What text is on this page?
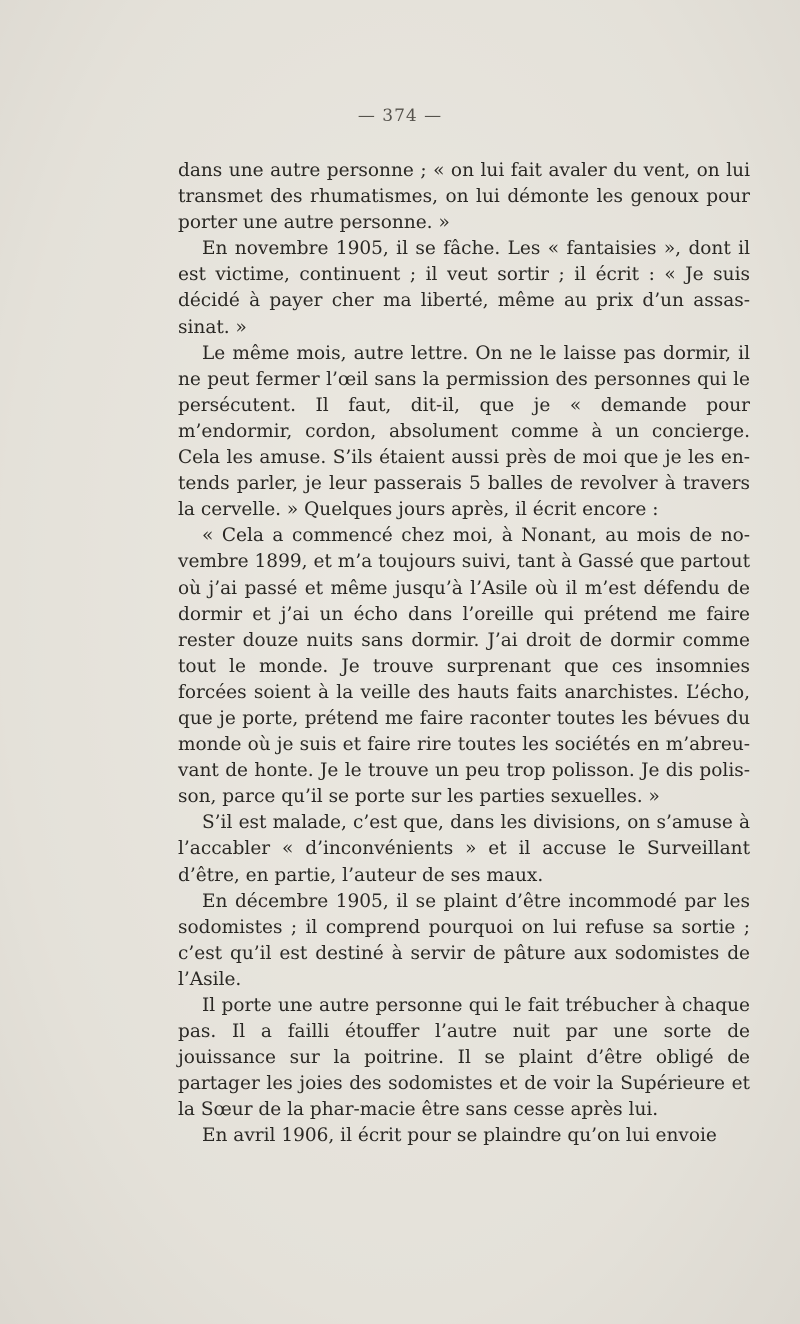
— 374 —

dans une autre personne ; « on lui fait avaler du vent, on lui transmet des rhumatismes, on lui démonte les genoux pour porter une autre personne. »

En novembre 1905, il se fâche. Les « fantaisies », dont il est victime, continuent ; il veut sortir ; il écrit : « Je suis décidé à payer cher ma liberté, même au prix d’un assas-sinat. »

Le même mois, autre lettre. On ne le laisse pas dormir, il ne peut fermer l’œil sans la permission des personnes qui le persécutent. Il faut, dit-il, que je « demande pour m’endormir, cordon, absolument comme à un concierge. Cela les amuse. S’ils étaient aussi près de moi que je les en-tends parler, je leur passerais 5 balles de revolver à travers la cervelle. » Quelques jours après, il écrit encore :

« Cela a commencé chez moi, à Nonant, au mois de no-vembre 1899, et m’a toujours suivi, tant à Gassé que partout où j’ai passé et même jusqu’à l’Asile où il m’est défendu de dormir et j’ai un écho dans l’oreille qui prétend me faire rester douze nuits sans dormir. J’ai droit de dormir comme tout le monde. Je trouve surprenant que ces insomnies forcées soient à la veille des hauts faits anarchistes. L’écho, que je porte, prétend me faire raconter toutes les bévues du monde où je suis et faire rire toutes les sociétés en m’abreu-vant de honte. Je le trouve un peu trop polisson. Je dis polis-son, parce qu’il se porte sur les parties sexuelles. »

S’il est malade, c’est que, dans les divisions, on s’amuse à l’accabler « d’inconvénients » et il accuse le Surveillant d’être, en partie, l’auteur de ses maux.

En décembre 1905, il se plaint d’être incommodé par les sodomistes ; il comprend pourquoi on lui refuse sa sortie ; c’est qu’il est destiné à servir de pâture aux sodomistes de l’Asile.

Il porte une autre personne qui le fait trébucher à chaque pas. Il a failli étouffer l’autre nuit par une sorte de jouissance sur la poitrine. Il se plaint d’être obligé de partager les joies des sodomistes et de voir la Supérieure et la Sœur de la phar-macie être sans cesse après lui.

En avril 1906, il écrit pour se plaindre qu’on lui envoie
